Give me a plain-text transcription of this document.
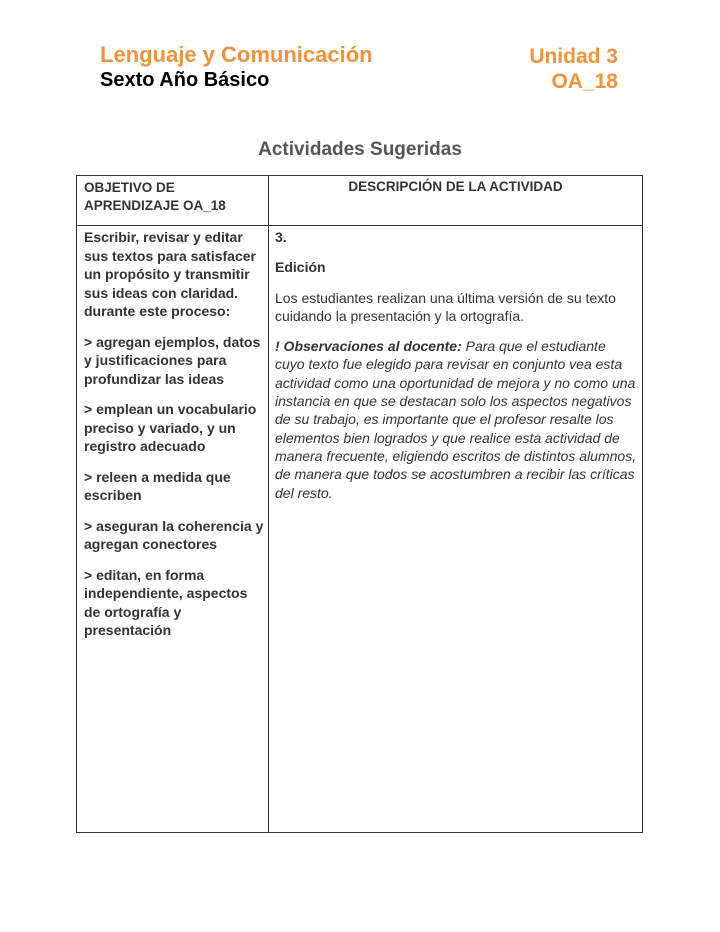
Lenguaje y Comunicación
Sexto Año Básico
Unidad 3
OA_18
Actividades Sugeridas
OBJETIVO DE APRENDIZAJE OA_18
DESCRIPCIÓN DE LA ACTIVIDAD

Escribir, revisar y editar sus textos para satisfacer un propósito y transmitir sus ideas con claridad. durante este proceso:

> agregan ejemplos, datos y justificaciones para profundizar las ideas

> emplean un vocabulario preciso y variado, y un registro adecuado

> releen a medida que escriben

> aseguran la coherencia y agregan conectores

> editan, en forma independiente, aspectos de ortografía y presentación

3.

Edición

Los estudiantes realizan una última versión de su texto cuidando la presentación y la ortografía.

! Observaciones al docente: Para que el estudiante cuyo texto fue elegido para revisar en conjunto vea esta actividad como una oportunidad de mejora y no como una instancia en que se destacan solo los aspectos negativos de su trabajo, es importante que el profesor resalte los elementos bien logrados y que realice esta actividad de manera frecuente, eligiendo escritos de distintos alumnos, de manera que todos se acostumbren a recibir las críticas del resto.
